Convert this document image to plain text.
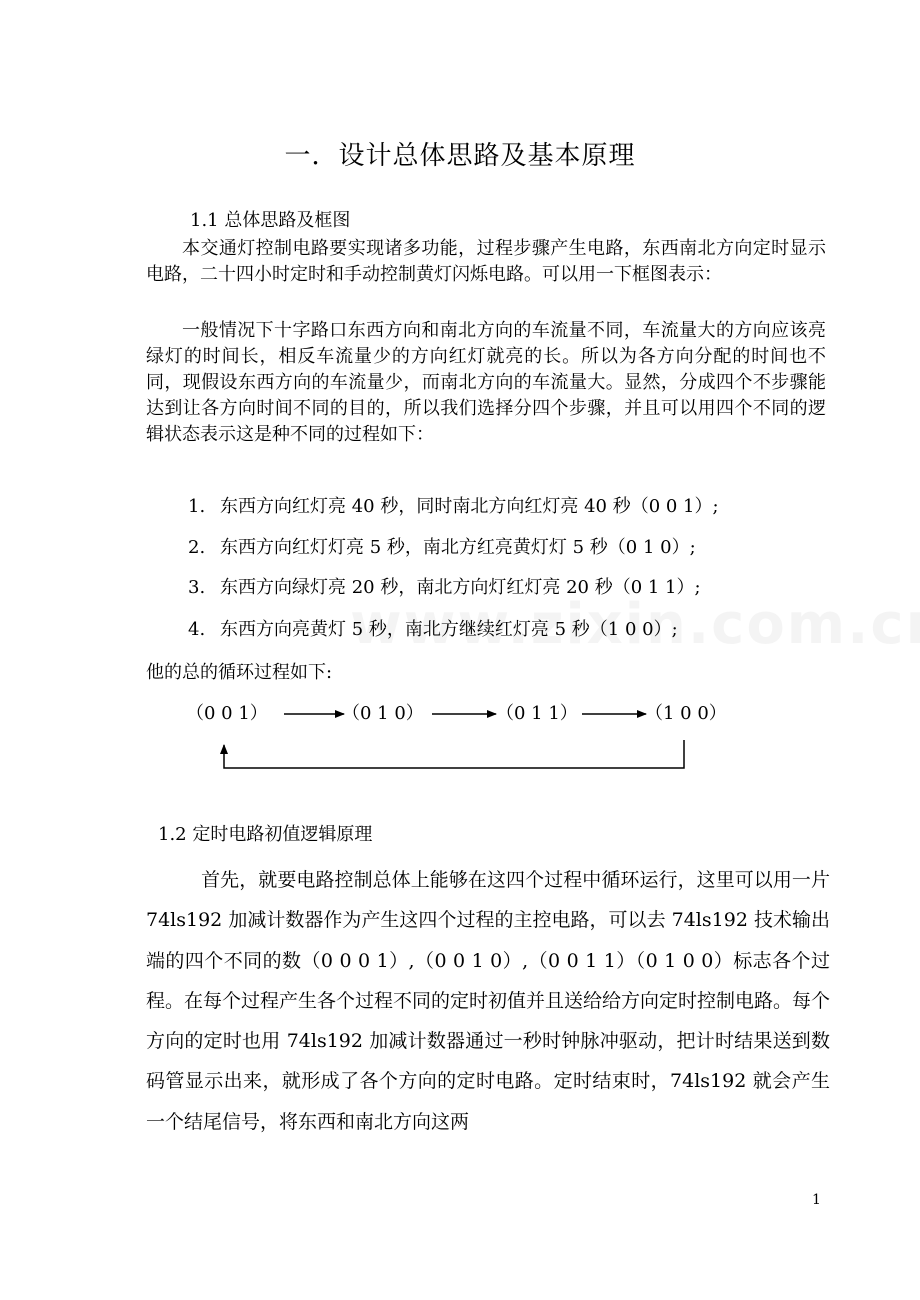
一．设计总体思路及基本原理
1.1 总体思路及框图

本交通灯控制电路要实现诸多功能，过程步骤产生电路，东西南北方向定时显示电路，二十四小时定时和手动控制黄灯闪烁电路。可以用一下框图表示：

一般情况下十字路口东西方向和南北方向的车流量不同，车流量大的方向应该亮绿灯的时间长，相反车流量少的方向红灯就亮的长。所以为各方向分配的时间也不同，现假设东西方向的车流量少，而南北方向的车流量大。显然，分成四个不步骤能达到让各方向时间不同的目的，所以我们选择分四个步骤，并且可以用四个不同的逻辑状态表示这是种不同的过程如下：

1. 东西方向红灯亮 40 秒，同时南北方向红灯亮 40 秒（0 0 1）;
2. 东西方向红灯灯亮 5 秒，南北方红亮黄灯灯 5 秒（0 1 0）;
3. 东西方向绿灯亮 20 秒，南北方向灯红灯亮 20 秒（0 1 1）;
4. 东西方向亮黄灯 5 秒，南北方继续红灯亮 5 秒（1 0 0）;
他的总的循环过程如下:
（0 0 1）	（0 1 0）	（0 1 1）	（1 0 0）
1.2 定时电路初值逻辑原理

首先，就要电路控制总体上能够在这四个过程中循环运行，这里可以用一片 74ls192 加减计数器作为产生这四个过程的主控电路，可以去 74ls192 技术输出端的四个不同的数（0 0 0 1）,（0 0 1 0）,（0 0 1 1）（0 1 0 0）标志各个过程。在每个过程产生各个过程不同的定时初值并且送给给方向定时控制电路。每个方向的定时也用 74ls192 加减计数器通过一秒时钟脉冲驱动，把计时结果送到数码管显示出来，就形成了各个方向的定时电路。定时结束时，74ls192 就会产生一个结尾信号，将东西和南北方向这两

1
